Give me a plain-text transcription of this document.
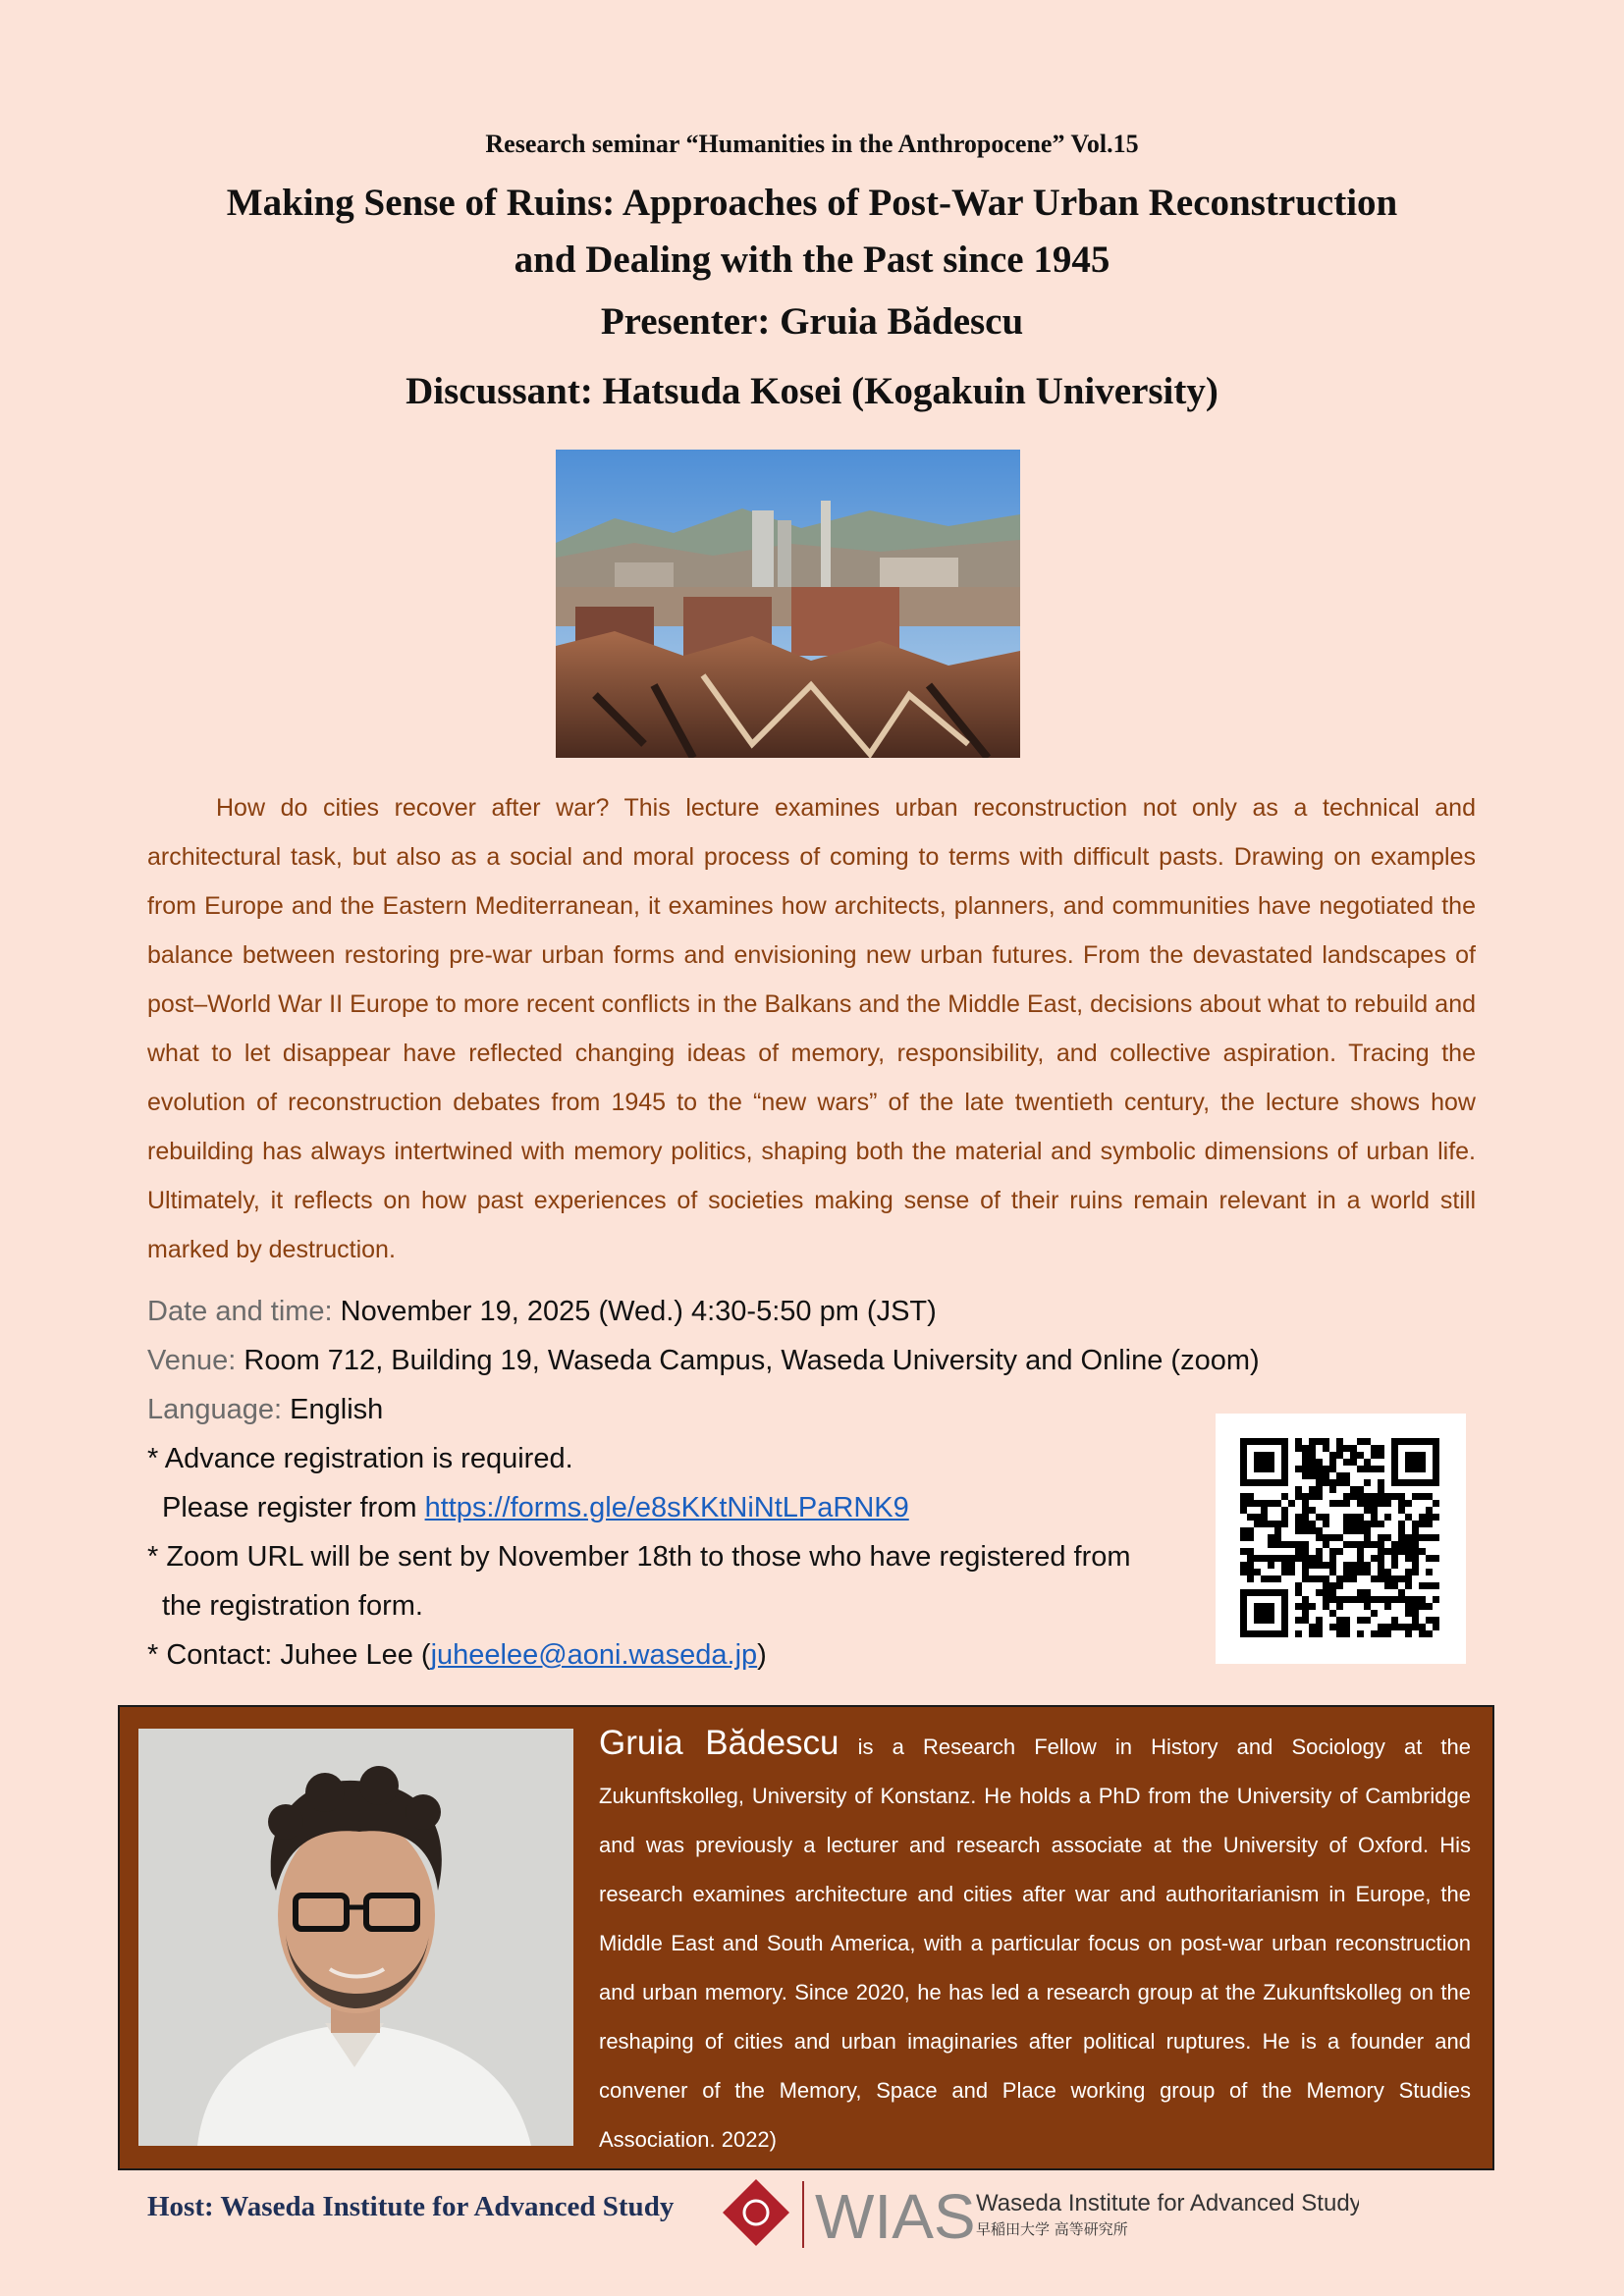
Research seminar “Humanities in the Anthropocene” Vol.15
Making Sense of Ruins: Approaches of Post-War Urban Reconstruction
and Dealing with the Past since 1945
Presenter: Gruia Bădescu
Discussant: Hatsuda Kosei (Kogakuin University)

How do cities recover after war? This lecture examines urban reconstruction not only as a technical and architectural task, but also as a social and moral process of coming to terms with difficult pasts. Drawing on examples from Europe and the Eastern Mediterranean, it examines how architects, planners, and communities have negotiated the balance between restoring pre-war urban forms and envisioning new urban futures. From the devastated landscapes of post–World War II Europe to more recent conflicts in the Balkans and the Middle East, decisions about what to rebuild and what to let disappear have reflected changing ideas of memory, responsibility, and collective aspiration. Tracing the evolution of reconstruction debates from 1945 to the “new wars” of the late twentieth century, the lecture shows how rebuilding has always intertwined with memory politics, shaping both the material and symbolic dimensions of urban life. Ultimately, it reflects on how past experiences of societies making sense of their ruins remain relevant in a world still marked by destruction.

Date and time: November 19, 2025 (Wed.) 4:30-5:50 pm (JST)
Venue: Room 712, Building 19, Waseda Campus, Waseda University and Online (zoom)
Language: English
* Advance registration is required.
Please register from https://forms.gle/e8sKKtNiNtLPaRNK9
* Zoom URL will be sent by November 18th to those who have registered from
the registration form.
* Contact: Juhee Lee (juheelee@aoni.waseda.jp)

Gruia Bădescu is a Research Fellow in History and Sociology at the Zukunftskolleg, University of Konstanz. He holds a PhD from the University of Cambridge and was previously a lecturer and research associate at the University of Oxford. His research examines architecture and cities after war and authoritarianism in Europe, the Middle East and South America, with a particular focus on post-war urban reconstruction and urban memory. Since 2020, he has led a research group at the Zukunftskolleg on the reshaping of cities and urban imaginaries after political ruptures. He is a founder and convener of the Memory, Space and Place working group of the Memory Studies Association. 2022)

Host: Waseda Institute for Advanced Study WIAS Waseda Institute for Advanced Study
早稲田大学 高等研究所
